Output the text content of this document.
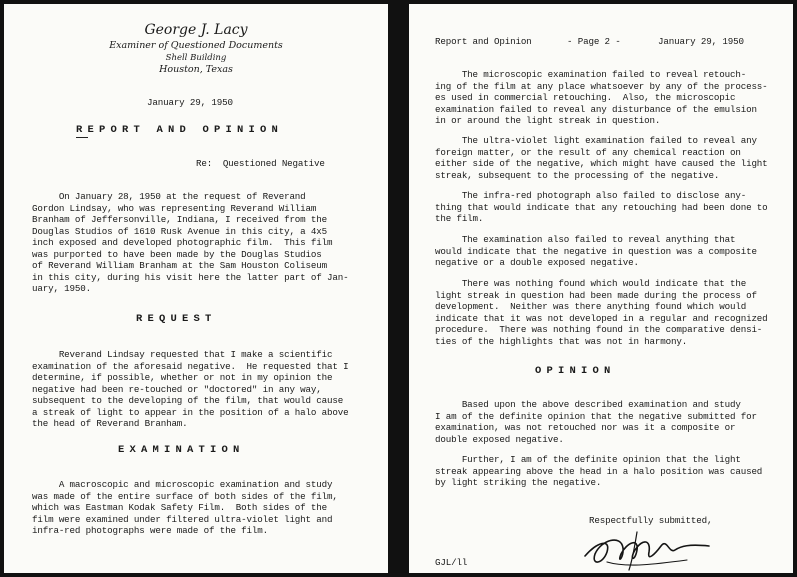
George J. Lacy
Examiner of Questioned Documents
Shell Building
Houston, Texas
January 29, 1950
REPORT AND OPINION
Re:  Questioned Negative
On January 28, 1950 at the request of Reverand
Gordon Lindsay, who was representing Reverand William
Branham of Jeffersonville, Indiana, I received from the
Douglas Studios of 1610 Rusk Avenue in this city, a 4x5
inch exposed and developed photographic film.  This film
was purported to have been made by the Douglas Studios
of Reverand William Branham at the Sam Houston Coliseum
in this city, during his visit here the latter part of Jan-
uary, 1950.
REQUEST
Reverand Lindsay requested that I make a scientific
examination of the aforesaid negative.  He requested that I
determine, if possible, whether or not in my opinion the
negative had been re-touched or "doctored" in any way,
subsequent to the developing of the film, that would cause
a streak of light to appear in the position of a halo above
the head of Reverand Branham.
EXAMINATION
A macroscopic and microscopic examination and study
was made of the entire surface of both sides of the film,
which was Eastman Kodak Safety Film.  Both sides of the
film were examined under filtered ultra-violet light and
infra-red photographs were made of the film.
Report and Opinion	- Page 2 -	January 29, 1950
The microscopic examination failed to reveal retouch-
ing of the film at any place whatsoever by any of the process-
es used in commercial retouching.  Also, the microscopic
examination failed to reveal any disturbance of the emulsion
in or around the light streak in question.
The ultra-violet light examination failed to reveal any
foreign matter, or the result of any chemical reaction on
either side of the negative, which might have caused the light
streak, subsequent to the processing of the negative.
The infra-red photograph also failed to disclose any-
thing that would indicate that any retouching had been done to
the film.
The examination also failed to reveal anything that
would indicate that the negative in question was a composite
negative or a double exposed negative.
There was nothing found which would indicate that the
light streak in question had been made during the process of
development.  Neither was there anything found which would
indicate that it was not developed in a regular and recognized
procedure.  There was nothing found in the comparative densi-
ties of the highlights that was not in harmony.
OPINION
Based upon the above described examination and study
I am of the definite opinion that the negative submitted for
examination, was not retouched nor was it a composite or
double exposed negative.
Further, I am of the definite opinion that the light
streak appearing above the head in a halo position was caused
by light striking the negative.
Respectfully submitted,
GJL/ll
